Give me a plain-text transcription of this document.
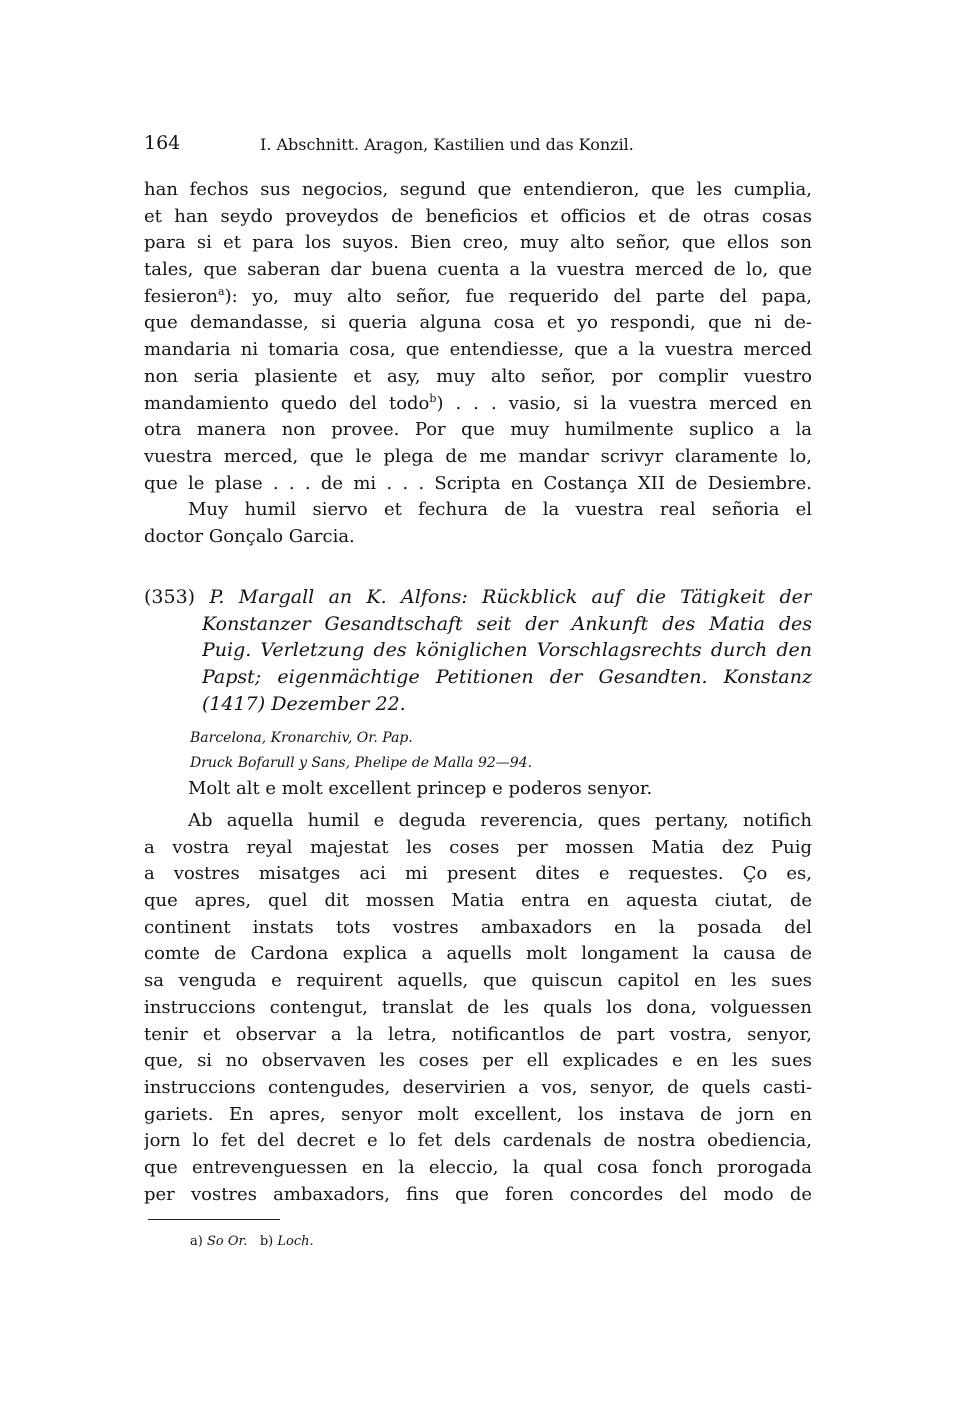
164	I. Abschnitt. Aragon, Kastilien und das Konzil.
han fechos sus negocios, segund que entendieron, que les cumplia,
et han seydo proveydos de beneficios et officios et de otras cosas
para si et para los suyos. Bien creo, muy alto señor, que ellos son
tales, que saberan dar buena cuenta a la vuestra merced de lo, que
fesieron$^a$): yo, muy alto señor, fue requerido del parte del papa,
que demandasse, si queria alguna cosa et yo respondi, que ni de-
mandaria ni tomaria cosa, que entendiesse, que a la vuestra merced
non seria plasiente et asy, muy alto señor, por complir vuestro
mandamiento quedo del todo$^b$) . . . vasio, si la vuestra merced en
otra manera non provee. Por que muy humilmente suplico a la
vuestra merced, que le plega de me mandar scrivyr claramente lo,
que le plase . . . de mi . . . Scripta en Costança XII de Desiembre.
Muy humil siervo et fechura de la vuestra real señoria el
doctor Gonçalo Garcia.
(353) P. Margall an K. Alfons: Rückblick auf die Tätigkeit der
Konstanzer Gesandtschaft seit der Ankunft des Matia des
Puig. Verletzung des königlichen Vorschlagsrechts durch den
Papst; eigenmächtige Petitionen der Gesandten. Konstanz
(1417) Dezember 22.
Barcelona, Kronarchiv, Or. Pap.
Druck Bofarull y Sans, Phelipe de Malla 92—94.
Molt alt e molt excellent princep e poderos senyor.
Ab aquella humil e deguda reverencia, ques pertany, notifich
a vostra reyal majestat les coses per mossen Matia dez Puig
a vostres misatges aci mi present dites e requestes. Ço es,
que apres, quel dit mossen Matia entra en aquesta ciutat, de
continent instats tots vostres ambaxadors en la posada del
comte de Cardona explica a aquells molt longament la causa de
sa venguda e requirent aquells, que quiscun capitol en les sues
instruccions contengut, translat de les quals los dona, volguessen
tenir et observar a la letra, notificantlos de part vostra, senyor,
que, si no observaven les coses per ell explicades e en les sues
instruccions contengudes, deservirien a vos, senyor, de quels casti-
gariets. En apres, senyor molt excellent, los instava de jorn en
jorn lo fet del decret e lo fet dels cardenals de nostra obediencia,
que entrevenguessen en la eleccio, la qual cosa fonch prorogada
per vostres ambaxadors, fins que foren concordes del modo de
a) So Or. b) Loch.
